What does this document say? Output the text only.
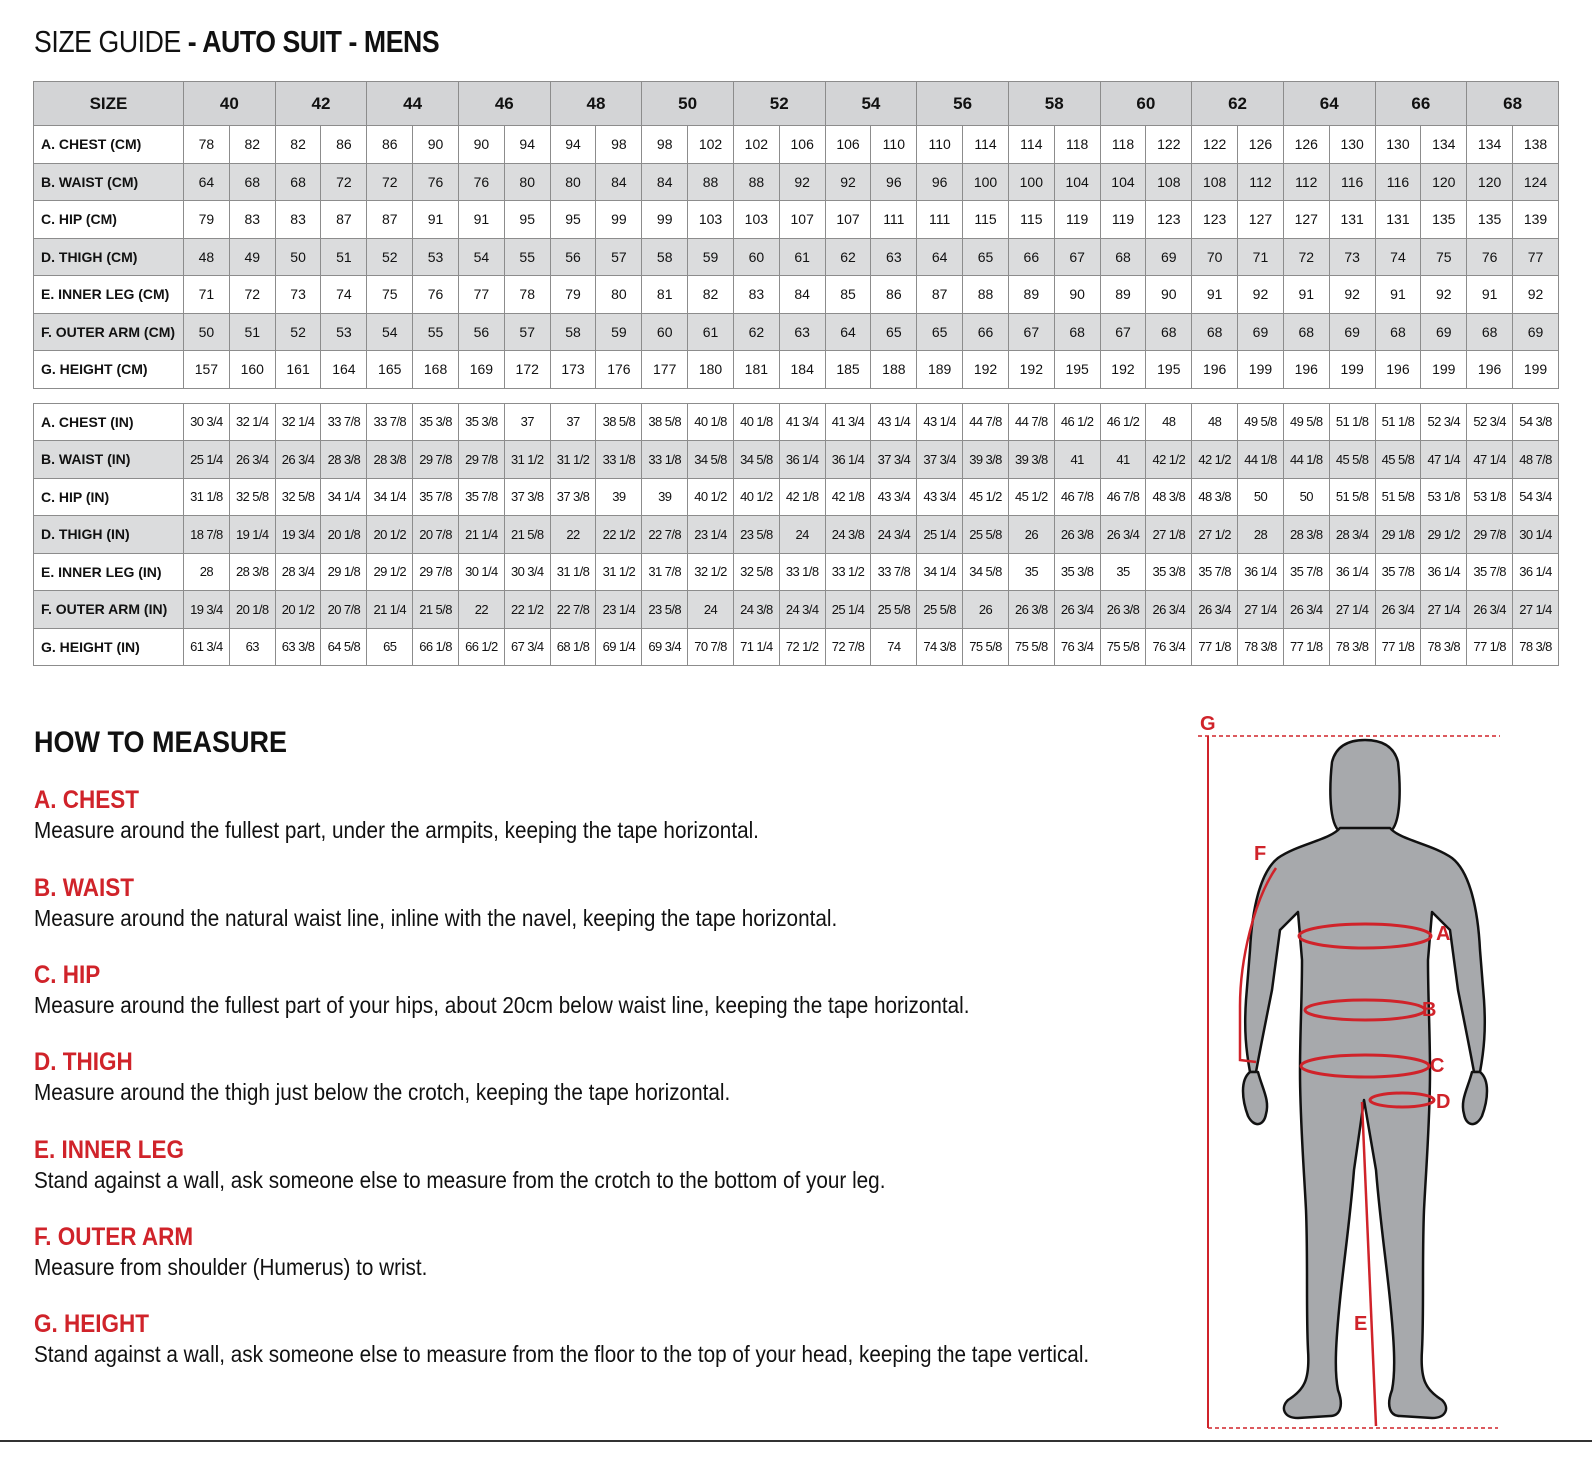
SIZE GUIDE - AUTO SUIT - MENS
SIZE	40		42		44		46		48		50		52		54		56		58		60		62		64		66		68	
A. CHEST (CM)	78	82	82	86	86	90	90	94	94	98	98	102	102	106	106	110	110	114	114	118	118	122	122	126	126	130	130	134	134	138
B. WAIST (CM)	64	68	68	72	72	76	76	80	80	84	84	88	88	92	92	96	96	100	100	104	104	108	108	112	112	116	116	120	120	124
C. HIP (CM)	79	83	83	87	87	91	91	95	95	99	99	103	103	107	107	111	111	115	115	119	119	123	123	127	127	131	131	135	135	139
D. THIGH (CM)	48	49	50	51	52	53	54	55	56	57	58	59	60	61	62	63	64	65	66	67	68	69	70	71	72	73	74	75	76	77
E. INNER LEG (CM)	71	72	73	74	75	76	77	78	79	80	81	82	83	84	85	86	87	88	89	90	89	90	91	92	91	92	91	92	91	92
F. OUTER ARM (CM)	50	51	52	53	54	55	56	57	58	59	60	61	62	63	64	65	65	66	67	68	67	68	68	69	68	69	68	69	68	69
G. HEIGHT (CM)	157	160	161	164	165	168	169	172	173	176	177	180	181	184	185	188	189	192	192	195	192	195	196	199	196	199	196	199	196	199

A. CHEST (IN)	30 3/4	32 1/4	32 1/4	33 7/8	33 7/8	35 3/8	35 3/8	37	37	38 5/8	38 5/8	40 1/8	40 1/8	41 3/4	41 3/4	43 1/4	43 1/4	44 7/8	44 7/8	46 1/2	46 1/2	48	48	49 5/8	49 5/8	51 1/8	51 1/8	52 3/4	52 3/4	54 3/8
B. WAIST (IN)	25 1/4	26 3/4	26 3/4	28 3/8	28 3/8	29 7/8	29 7/8	31 1/2	31 1/2	33 1/8	33 1/8	34 5/8	34 5/8	36 1/4	36 1/4	37 3/4	37 3/4	39 3/8	39 3/8	41	41	42 1/2	42 1/2	44 1/8	44 1/8	45 5/8	45 5/8	47 1/4	47 1/4	48 7/8
C. HIP (IN)	31 1/8	32 5/8	32 5/8	34 1/4	34 1/4	35 7/8	35 7/8	37 3/8	37 3/8	39	39	40 1/2	40 1/2	42 1/8	42 1/8	43 3/4	43 3/4	45 1/2	45 1/2	46 7/8	46 7/8	48 3/8	48 3/8	50	50	51 5/8	51 5/8	53 1/8	53 1/8	54 3/4
D. THIGH (IN)	18 7/8	19 1/4	19 3/4	20 1/8	20 1/2	20 7/8	21 1/4	21 5/8	22	22 1/2	22 7/8	23 1/4	23 5/8	24	24 3/8	24 3/4	25 1/4	25 5/8	26	26 3/8	26 3/4	27 1/8	27 1/2	28	28 3/8	28 3/4	29 1/8	29 1/2	29 7/8	30 1/4
E. INNER LEG (IN)	28	28 3/8	28 3/4	29 1/8	29 1/2	29 7/8	30 1/4	30 3/4	31 1/8	31 1/2	31 7/8	32 1/2	32 5/8	33 1/8	33 1/2	33 7/8	34 1/4	34 5/8	35	35 3/8	35	35 3/8	35 7/8	36 1/4	35 7/8	36 1/4	35 7/8	36 1/4	35 7/8	36 1/4
F. OUTER ARM (IN)	19 3/4	20 1/8	20 1/2	20 7/8	21 1/4	21 5/8	22	22 1/2	22 7/8	23 1/4	23 5/8	24	24 3/8	24 3/4	25 1/4	25 5/8	25 5/8	26	26 3/8	26 3/4	26 3/8	26 3/4	26 3/4	27 1/4	26 3/4	27 1/4	26 3/4	27 1/4	26 3/4	27 1/4
G. HEIGHT (IN)	61 3/4	63	63 3/8	64 5/8	65	66 1/8	66 1/2	67 3/4	68 1/8	69 1/4	69 3/4	70 7/8	71 1/4	72 1/2	72 7/8	74	74 3/8	75 5/8	75 5/8	76 3/4	75 5/8	76 3/4	77 1/8	78 3/8	77 1/8	78 3/8	77 1/8	78 3/8	77 1/8	78 3/8
HOW TO MEASURE
A. CHEST
Measure around the fullest part, under the armpits, keeping the tape horizontal.
B. WAIST
Measure around the natural waist line, inline with the navel, keeping the tape horizontal.
C. HIP
Measure around the fullest part of your hips, about 20cm below waist line, keeping the tape horizontal.
D. THIGH
Measure around the thigh just below the crotch, keeping the tape horizontal.
E. INNER LEG
Stand against a wall, ask someone else to measure from the crotch to the bottom of your leg.
F. OUTER ARM
Measure from shoulder (Humerus) to wrist.
G. HEIGHT
Stand against a wall, ask someone else to measure from the floor to the top of your head, keeping the tape vertical.
G
A
B
C
D
E
F
